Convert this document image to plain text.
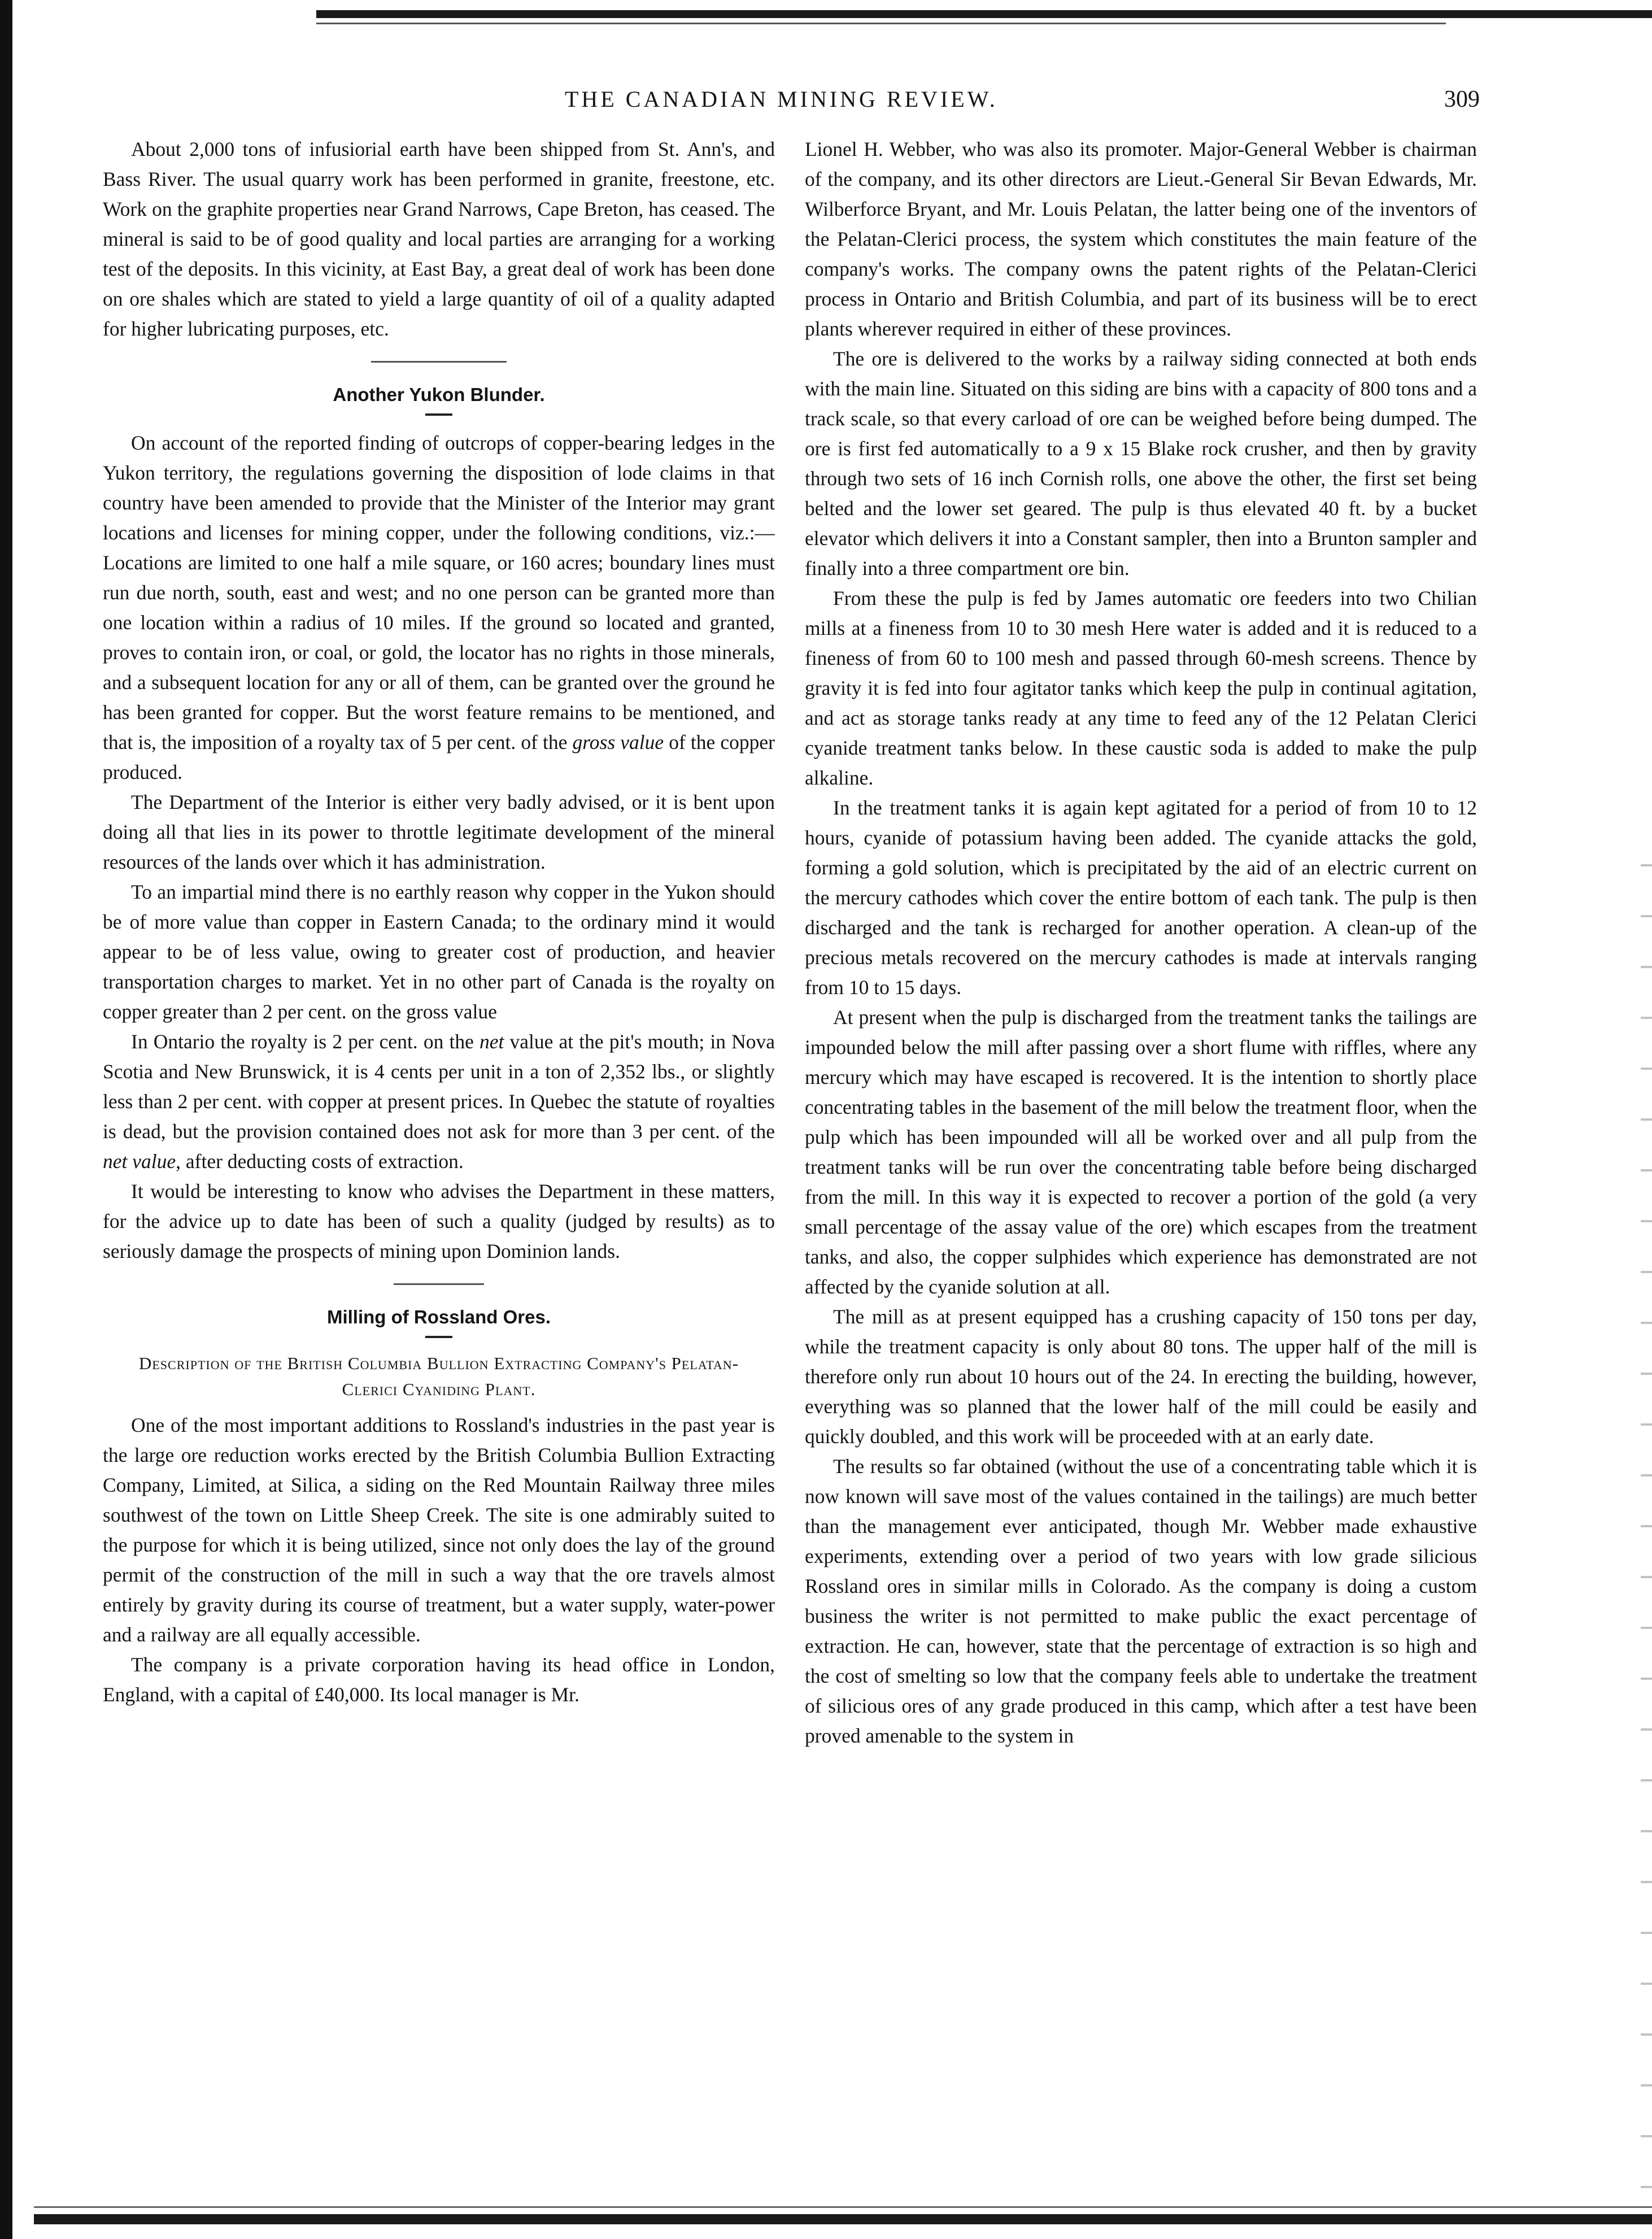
THE CANADIAN MINING REVIEW.	309

About 2,000 tons of infusiorial earth have been shipped from St. Ann's, and Bass River. The usual quarry work has been performed in granite, freestone, etc. Work on the graphite properties near Grand Narrows, Cape Breton, has ceased. The mineral is said to be of good quality and local parties are arranging for a working test of the deposits. In this vicinity, at East Bay, a great deal of work has been done on ore shales which are stated to yield a large quantity of oil of a quality adapted for higher lubricating purposes, etc.

Another Yukon Blunder.

On account of the reported finding of outcrops of copper-bearing ledges in the Yukon territory, the regulations governing the disposition of lode claims in that country have been amended to provide that the Minister of the Interior may grant locations and licenses for mining copper, under the following conditions, viz.:—Locations are limited to one half a mile square, or 160 acres; boundary lines must run due north, south, east and west; and no one person can be granted more than one location within a radius of 10 miles. If the ground so located and granted, proves to contain iron, or coal, or gold, the locator has no rights in those minerals, and a subsequent location for any or all of them, can be granted over the ground he has been granted for copper. But the worst feature remains to be mentioned, and that is, the imposition of a royalty tax of 5 per cent. of the gross value of the copper produced.

The Department of the Interior is either very badly advised, or it is bent upon doing all that lies in its power to throttle legitimate development of the mineral resources of the lands over which it has administration.

To an impartial mind there is no earthly reason why copper in the Yukon should be of more value than copper in Eastern Canada; to the ordinary mind it would appear to be of less value, owing to greater cost of production, and heavier transportation charges to market. Yet in no other part of Canada is the royalty on copper greater than 2 per cent. on the gross value

In Ontario the royalty is 2 per cent. on the net value at the pit's mouth; in Nova Scotia and New Brunswick, it is 4 cents per unit in a ton of 2,352 lbs., or slightly less than 2 per cent. with copper at present prices. In Quebec the statute of royalties is dead, but the provision contained does not ask for more than 3 per cent. of the net value, after deducting costs of extraction.

It would be interesting to know who advises the Department in these matters, for the advice up to date has been of such a quality (judged by results) as to seriously damage the prospects of mining upon Dominion lands.

Milling of Rossland Ores.
Description of the British Columbia Bullion Extracting Company's Pelatan-Clerici Cyaniding Plant.

One of the most important additions to Rossland's industries in the past year is the large ore reduction works erected by the British Columbia Bullion Extracting Company, Limited, at Silica, a siding on the Red Mountain Railway three miles southwest of the town on Little Sheep Creek. The site is one admirably suited to the purpose for which it is being utilized, since not only does the lay of the ground permit of the construction of the mill in such a way that the ore travels almost entirely by gravity during its course of treatment, but a water supply, water-power and a railway are all equally accessible.

The company is a private corporation having its head office in London, England, with a capital of £40,000. Its local manager is Mr.

Lionel H. Webber, who was also its promoter. Major-General Webber is chairman of the company, and its other directors are Lieut.-General Sir Bevan Edwards, Mr. Wilberforce Bryant, and Mr. Louis Pelatan, the latter being one of the inventors of the Pelatan-Clerici process, the system which constitutes the main feature of the company's works. The company owns the patent rights of the Pelatan-Clerici process in Ontario and British Columbia, and part of its business will be to erect plants wherever required in either of these provinces.

The ore is delivered to the works by a railway siding connected at both ends with the main line. Situated on this siding are bins with a capacity of 800 tons and a track scale, so that every carload of ore can be weighed before being dumped. The ore is first fed automatically to a 9 x 15 Blake rock crusher, and then by gravity through two sets of 16 inch Cornish rolls, one above the other, the first set being belted and the lower set geared. The pulp is thus elevated 40 ft. by a bucket elevator which delivers it into a Constant sampler, then into a Brunton sampler and finally into a three compartment ore bin.

From these the pulp is fed by James automatic ore feeders into two Chilian mills at a fineness from 10 to 30 mesh Here water is added and it is reduced to a fineness of from 60 to 100 mesh and passed through 60-mesh screens. Thence by gravity it is fed into four agitator tanks which keep the pulp in continual agitation, and act as storage tanks ready at any time to feed any of the 12 Pelatan Clerici cyanide treatment tanks below. In these caustic soda is added to make the pulp alkaline.

In the treatment tanks it is again kept agitated for a period of from 10 to 12 hours, cyanide of potassium having been added. The cyanide attacks the gold, forming a gold solution, which is precipitated by the aid of an electric current on the mercury cathodes which cover the entire bottom of each tank. The pulp is then discharged and the tank is recharged for another operation. A clean-up of the precious metals recovered on the mercury cathodes is made at intervals ranging from 10 to 15 days.

At present when the pulp is discharged from the treatment tanks the tailings are impounded below the mill after passing over a short flume with riffles, where any mercury which may have escaped is recovered. It is the intention to shortly place concentrating tables in the basement of the mill below the treatment floor, when the pulp which has been impounded will all be worked over and all pulp from the treatment tanks will be run over the concentrating table before being discharged from the mill. In this way it is expected to recover a portion of the gold (a very small percentage of the assay value of the ore) which escapes from the treatment tanks, and also, the copper sulphides which experience has demonstrated are not affected by the cyanide solution at all.

The mill as at present equipped has a crushing capacity of 150 tons per day, while the treatment capacity is only about 80 tons. The upper half of the mill is therefore only run about 10 hours out of the 24. In erecting the building, however, everything was so planned that the lower half of the mill could be easily and quickly doubled, and this work will be proceeded with at an early date.

The results so far obtained (without the use of a concentrating table which it is now known will save most of the values contained in the tailings) are much better than the management ever anticipated, though Mr. Webber made exhaustive experiments, extending over a period of two years with low grade silicious Rossland ores in similar mills in Colorado. As the company is doing a custom business the writer is not permitted to make public the exact percentage of extraction. He can, however, state that the percentage of extraction is so high and the cost of smelting so low that the company feels able to undertake the treatment of silicious ores of any grade produced in this camp, which after a test have been proved amenable to the system in
